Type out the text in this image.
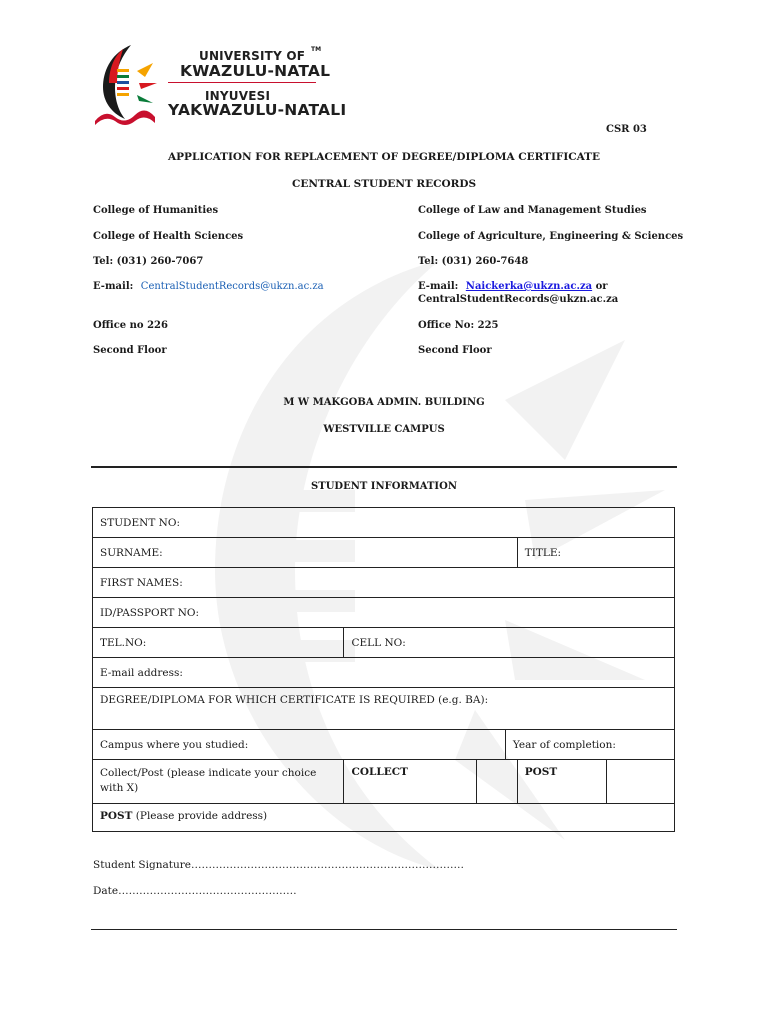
UNIVERSITY OF
KWAZULU-NATAL
INYUVESI
YAKWAZULU-NATALI
TM
CSR 03
APPLICATION FOR REPLACEMENT OF DEGREE/DIPLOMA CERTIFICATE
CENTRAL STUDENT RECORDS
College of Humanities
College of Health Sciences
Tel: (031) 260-7067
E-mail: CentralStudentRecords@ukzn.ac.za
Office no 226
Second Floor
College of Law and Management Studies
College of Agriculture, Engineering & Sciences
Tel: (031) 260-7648
E-mail: Naickerka@ukzn.ac.za or
CentralStudentRecords@ukzn.ac.za
Office No: 225
Second Floor
M W MAKGOBA ADMIN. BUILDING
WESTVILLE CAMPUS
STUDENT INFORMATION
STUDENT NO:					
SURNAME:				TITLE:	
FIRST NAMES:					
ID/PASSPORT NO:					
TEL.NO:	CELL NO:				
E-mail address:					
DEGREE/DIPLOMA FOR WHICH CERTIFICATE IS REQUIRED (e.g. BA):					
Campus where you studied:			Year of completion:		
Collect/Post (please indicate your choice with X)	COLLECT			POST	
POST (Please provide address)					
Student Signature……………………………………………………………………
Date……………………………………………
